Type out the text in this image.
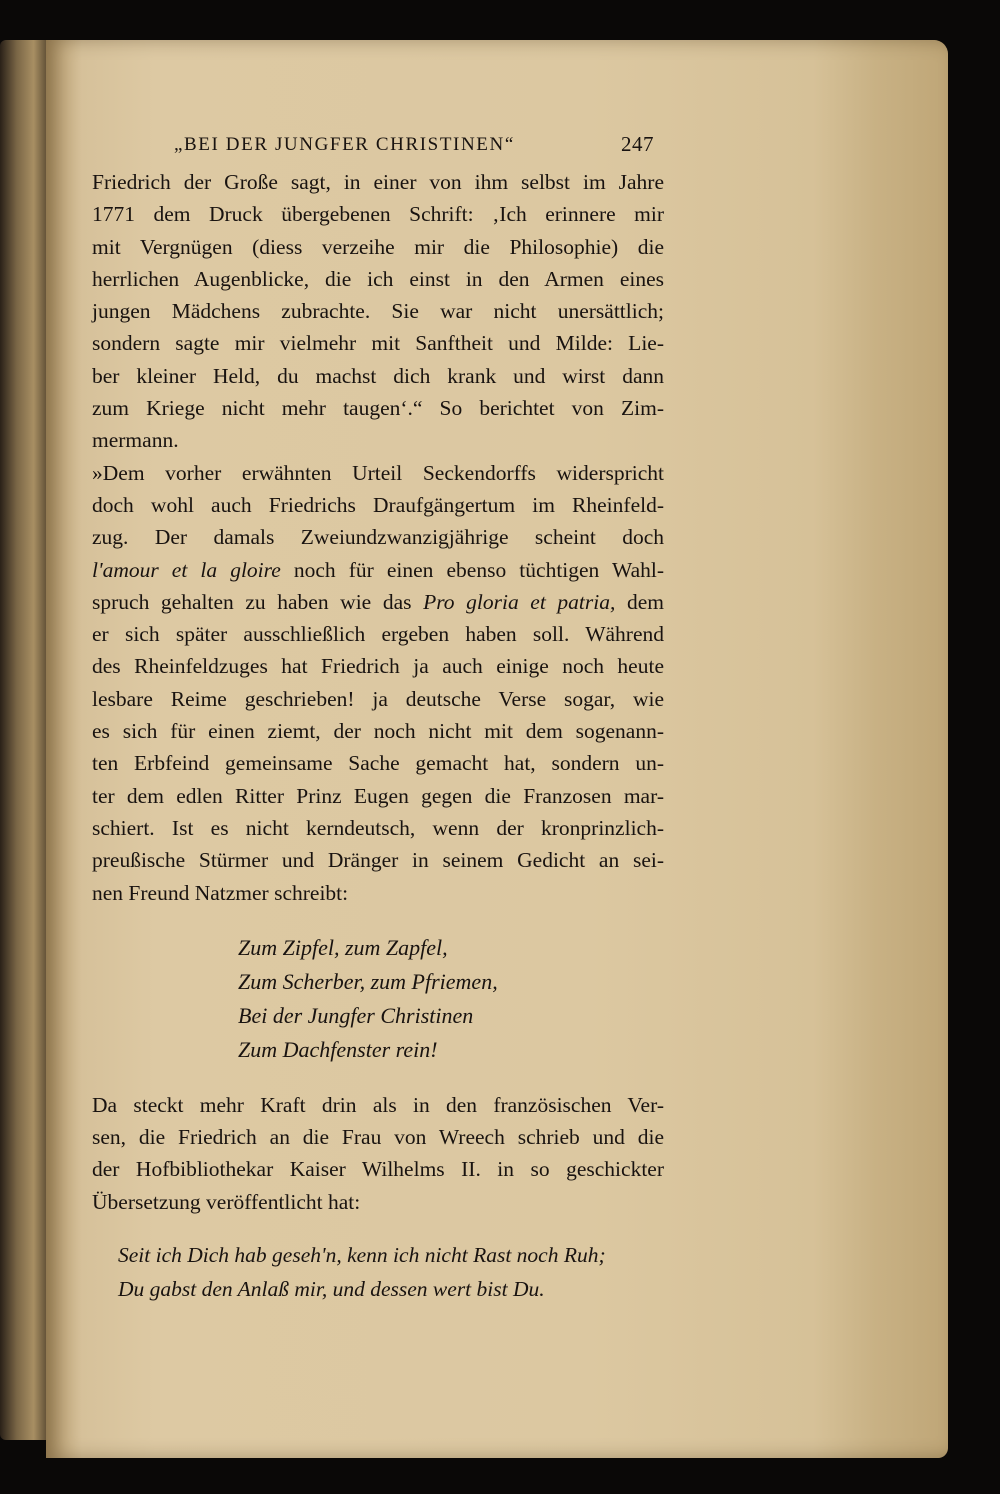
„BEI DER JUNGFER CHRISTINEN“	247
Friedrich der Große sagt, in einer von ihm selbst im Jahre
1771 dem Druck übergebenen Schrift: ‚Ich erinnere mir
mit Vergnügen (diess verzeihe mir die Philosophie) die
herrlichen Augenblicke, die ich einst in den Armen eines
jungen Mädchens zubrachte. Sie war nicht unersättlich;
sondern sagte mir vielmehr mit Sanftheit und Milde: Lie-
ber kleiner Held, du machst dich krank und wirst dann
zum Kriege nicht mehr taugen‘.“ So berichtet von Zim-
mermann.
»Dem vorher erwähnten Urteil Seckendorffs widerspricht
doch wohl auch Friedrichs Draufgängertum im Rheinfeld-
zug. Der damals Zweiundzwanzigjährige scheint doch
l'amour et la gloire noch für einen ebenso tüchtigen Wahl-
spruch gehalten zu haben wie das Pro gloria et patria, dem
er sich später ausschließlich ergeben haben soll. Während
des Rheinfeldzuges hat Friedrich ja auch einige noch heute
lesbare Reime geschrieben! ja deutsche Verse sogar, wie
es sich für einen ziemt, der noch nicht mit dem sogenann-
ten Erbfeind gemeinsame Sache gemacht hat, sondern un-
ter dem edlen Ritter Prinz Eugen gegen die Franzosen mar-
schiert. Ist es nicht kerndeutsch, wenn der kronprinzlich-
preußische Stürmer und Dränger in seinem Gedicht an sei-
nen Freund Natzmer schreibt:
Zum Zipfel, zum Zapfel,
Zum Scherber, zum Pfriemen,
Bei der Jungfer Christinen
Zum Dachfenster rein!
Da steckt mehr Kraft drin als in den französischen Ver-
sen, die Friedrich an die Frau von Wreech schrieb und die
der Hofbibliothekar Kaiser Wilhelms II. in so geschickter
Übersetzung veröffentlicht hat:
Seit ich Dich hab geseh'n, kenn ich nicht Rast noch Ruh;
Du gabst den Anlaß mir, und dessen wert bist Du.
